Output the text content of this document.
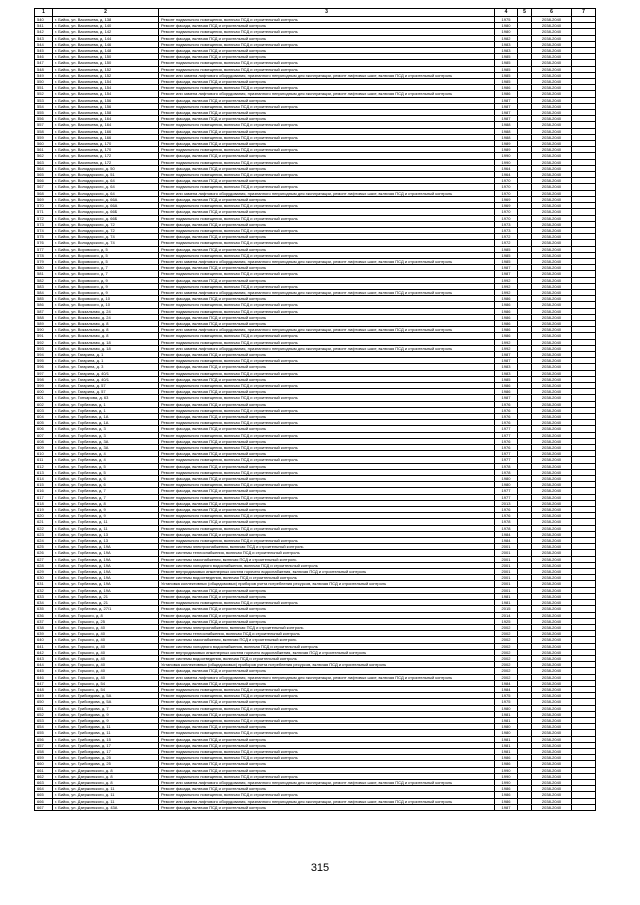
1	2	3	4	5	6	7
540	г. Бийск, ул. Васильева, д. 138	Ремонт подвального помещения, включая ПСД и строительный контроль	1975		2038-2040	
541	г. Бийск, ул. Васильева, д. 140	Ремонт фасада, включая ПСД и строительный контроль	1980		2038-2040	
542	г. Бийск, ул. Васильева, д. 142	Ремонт подвального помещения, включая ПСД и строительный контроль	1980		2038-2040	
543	г. Бийск, ул. Васильева, д. 144	Ремонт фасада, включая ПСД и строительный контроль	1982		2038-2040	
544	г. Бийск, ул. Васильева, д. 146	Ремонт подвального помещения, включая ПСД и строительный контроль	1983		2038-2040	
545	г. Бийск, ул. Васильева, д. 148	Ремонт фасада, включая ПСД и строительный контроль	1983		2038-2040	
546	г. Бийск, ул. Васильева, д. 150	Ремонт фасада, включая ПСД и строительный контроль	1985		2038-2040	
547	г. Бийск, ул. Васильева, д. 150	Ремонт подвального помещения, включая ПСД и строительный контроль	1985		2038-2040	
548	г. Бийск, ул. Васильева, д. 152	Ремонт подвального помещения, включая ПСД и строительный контроль	1985		2038-2040	
549	г. Бийск, ул. Васильева, д. 152	Ремонт или замена лифтового оборудования, признанного непригодным для эксплуатации, ремонт лифтовых шахт, включая ПСД и строительный контроль	1985		2038-2040	
550	г. Бийск, ул. Васильева, д. 154	Ремонт фасада, включая ПСД и строительный контроль	1985		2038-2040	
551	г. Бийск, ул. Васильева, д. 154	Ремонт подвального помещения, включая ПСД и строительный контроль	1986		2038-2040	
552	г. Бийск, ул. Васильева, д. 154	Ремонт или замена лифтового оборудования, признанного непригодным для эксплуатации, ремонт лифтовых шахт, включая ПСД и строительный контроль	1986		2038-2040	
553	г. Бийск, ул. Васильева, д. 156	Ремонт фасада, включая ПСД и строительный контроль	1987		2038-2040	
554	г. Бийск, ул. Васильева, д. 156	Ремонт подвального помещения, включая ПСД и строительный контроль	1987		2038-2040	
555	г. Бийск, ул. Васильева, д. 158	Ремонт фасада, включая ПСД и строительный контроль	1987		2038-2040	
556	г. Бийск, ул. Васильева, д. 164	Ремонт фасада, включая ПСД и строительный контроль	1987		2038-2040	
557	г. Бийск, ул. Васильева, д. 164	Ремонт подвального помещения, включая ПСД и строительный контроль	1988		2038-2040	
558	г. Бийск, ул. Васильева, д. 166	Ремонт фасада, включая ПСД и строительный контроль	1988		2038-2040	
559	г. Бийск, ул. Васильева, д. 166	Ремонт подвального помещения, включая ПСД и строительный контроль	1988		2038-2040	
560	г. Бийск, ул. Васильева, д. 170	Ремонт фасада, включая ПСД и строительный контроль	1989		2038-2040	
561	г. Бийск, ул. Васильева, д. 170	Ремонт подвального помещения, включая ПСД и строительный контроль	1989		2038-2040	
562	г. Бийск, ул. Васильева, д. 172	Ремонт фасада, включая ПСД и строительный контроль	1990		2038-2040	
563	г. Бийск, ул. Васильева, д. 172	Ремонт подвального помещения, включая ПСД и строительный контроль	1990		2038-2040	
564	г. Бийск, ул. Володарского, д. 50	Ремонт фасада, включая ПСД и строительный контроль	1964		2038-2040	
565	г. Бийск, ул. Володарского, д. 51	Ремонт подвального помещения, включая ПСД и строительный контроль	1964		2038-2040	
566	г. Бийск, ул. Володарского, д. 64	Ремонт фасада, включая ПСД и строительный контроль	1970		2038-2040	
567	г. Бийск, ул. Володарского, д. 64	Ремонт подвального помещения, включая ПСД и строительный контроль	1970		2038-2040	
568	г. Бийск, ул. Володарского, д. 64	Ремонт или замена лифтового оборудования, признанного непригодным для эксплуатации, ремонт лифтовых шахт, включая ПСД и строительный контроль	1970		2038-2040	
569	г. Бийск, ул. Володарского, д. 66А	Ремонт фасада, включая ПСД и строительный контроль	1969		2038-2040	
570	г. Бийск, ул. Володарского, д. 66А	Ремонт подвального помещения, включая ПСД и строительный контроль	1969		2038-2040	
571	г. Бийск, ул. Володарского, д. 66Б	Ремонт фасада, включая ПСД и строительный контроль	1970		2038-2040	
572	г. Бийск, ул. Володарского, д. 66Б	Ремонт подвального помещения, включая ПСД и строительный контроль	1970		2038-2040	
573	г. Бийск, ул. Володарского, д. 72	Ремонт фасада, включая ПСД и строительный контроль	1973		2038-2040	
574	г. Бийск, ул. Володарского, д. 72	Ремонт подвального помещения, включая ПСД и строительный контроль	1973		2038-2040	
575	г. Бийск, ул. Володарского, д. 74	Ремонт фасада, включая ПСД и строительный контроль	1972		2038-2040	
576	г. Бийск, ул. Володарского, д. 74	Ремонт подвального помещения, включая ПСД и строительный контроль	1972		2038-2040	
577	г. Бийск, ул. Воровского, д. 5	Ремонт фасада, включая ПСД и строительный контроль	1985		2038-2040	
578	г. Бийск, ул. Воровского, д. 5	Ремонт подвального помещения, включая ПСД и строительный контроль	1985		2038-2040	
579	г. Бийск, ул. Воровского, д. 5	Ремонт или замена лифтового оборудования, признанного непригодным для эксплуатации, ремонт лифтовых шахт, включая ПСД и строительный контроль	1985		2038-2040	
580	г. Бийск, ул. Воровского, д. 7	Ремонт фасада, включая ПСД и строительный контроль	1987		2038-2040	
581	г. Бийск, ул. Воровского, д. 7	Ремонт подвального помещения, включая ПСД и строительный контроль	1987		2038-2040	
582	г. Бийск, ул. Воровского, д. 9	Ремонт фасада, включая ПСД и строительный контроль	1992		2038-2040	
583	г. Бийск, ул. Воровского, д. 9	Ремонт подвального помещения, включая ПСД и строительный контроль	1992		2038-2040	
584	г. Бийск, ул. Воровского, д. 9	Ремонт или замена лифтового оборудования, признанного непригодным для эксплуатации, ремонт лифтовых шахт, включая ПСД и строительный контроль	1992		2038-2040	
585	г. Бийск, ул. Воровского, д. 10	Ремонт фасада, включая ПСД и строительный контроль	1986		2038-2040	
586	г. Бийск, ул. Воровского, д. 10	Ремонт подвального помещения, включая ПСД и строительный контроль	1986		2038-2040	
587	г. Бийск, ул. Вокзальная, д. 24	Ремонт подвального помещения, включая ПСД и строительный контроль	1986		2038-2040	
588	г. Бийск, ул. Вокзальная, д. 24	Ремонт фасада, включая ПСД и строительный контроль	1986		2038-2040	
589	г. Бийск, ул. Вокзальная, д. 8	Ремонт фасада, включая ПСД и строительный контроль	1986		2038-2040	
590	г. Бийск, ул. Вокзальная, д. 8	Ремонт или замена лифтового оборудования, признанного непригодным для эксплуатации, ремонт лифтовых шахт, включая ПСД и строительный контроль	1986		2038-2040	
591	г. Бийск, ул. Вокзальная, д. 8	Ремонт подвального помещения, включая ПСД и строительный контроль	1986		2038-2040	
592	г. Бийск, ул. Вокзальная, д. 18	Ремонт подвального помещения, включая ПСД и строительный контроль	1992		2038-2040	
593	г. Бийск, ул. Вокзальная, д. 18	Ремонт или замена лифтового оборудования, признанного непригодным для эксплуатации, ремонт лифтовых шахт, включая ПСД и строительный контроль	1992		2038-2040	
594	г. Бийск, ул. Гагарина, д. 1	Ремонт фасада, включая ПСД и строительный контроль	1987		2038-2040	
595	г. Бийск, ул. Гагарина, д. 1	Ремонт подвального помещения, включая ПСД и строительный контроль	1987		2038-2040	
596	г. Бийск, ул. Гагарина, д. 3	Ремонт фасада, включая ПСД и строительный контроль	1983		2038-2040	
597	г. Бийск, ул. Гагарина, д. 40/1	Ремонт подвального помещения, включая ПСД и строительный контроль	1983		2038-2040	
598	г. Бийск, ул. Гагарина, д. 40/1	Ремонт фасада, включая ПСД и строительный контроль	1985		2038-2040	
599	г. Бийск, ул. Гагарина, д. 57	Ремонт подвального помещения, включая ПСД и строительный контроль	1986		2038-2040	
600	г. Бийск, ул. Гагарина, д. 57	Ремонт фасада, включая ПСД и строительный контроль	1986		2038-2040	
601	г. Бийск, ул. Гончарова, д. 63	Ремонт подвального помещения, включая ПСД и строительный контроль	1987		2038-2040	
602	г. Бийск, ул. Горбатова, д. 1	Ремонт фасада, включая ПСД и строительный контроль	1976		2038-2040	
603	г. Бийск, ул. Горбатова, д. 1	Ремонт подвального помещения, включая ПСД и строительный контроль	1976		2038-2040	
604	г. Бийск, ул. Горбатова, д. 1А	Ремонт фасада, включая ПСД и строительный контроль	1976		2038-2040	
605	г. Бийск, ул. Горбатова, д. 1А	Ремонт подвального помещения, включая ПСД и строительный контроль	1976		2038-2040	
606	г. Бийск, ул. Горбатова, д. 3	Ремонт фасада, включая ПСД и строительный контроль	1977		2038-2040	
607	г. Бийск, ул. Горбатова, д. 3	Ремонт подвального помещения, включая ПСД и строительный контроль	1977		2038-2040	
608	г. Бийск, ул. Горбатова, д. 3А	Ремонт фасада, включая ПСД и строительный контроль	1976		2038-2040	
609	г. Бийск, ул. Горбатова, д. 3А	Ремонт подвального помещения, включая ПСД и строительный контроль	1976		2038-2040	
610	г. Бийск, ул. Горбатова, д. 4	Ремонт фасада, включая ПСД и строительный контроль	1977		2038-2040	
611	г. Бийск, ул. Горбатова, д. 4	Ремонт подвального помещения, включая ПСД и строительный контроль	1977		2038-2040	
612	г. Бийск, ул. Горбатова, д. 5	Ремонт фасада, включая ПСД и строительный контроль	1978		2038-2040	
613	г. Бийск, ул. Горбатова, д. 5	Ремонт подвального помещения, включая ПСД и строительный контроль	1978		2038-2040	
614	г. Бийск, ул. Горбатова, д. 6	Ремонт фасада, включая ПСД и строительный контроль	1980		2038-2040	
615	г. Бийск, ул. Горбатова, д. 6	Ремонт подвального помещения, включая ПСД и строительный контроль	1980		2038-2040	
616	г. Бийск, ул. Горбатова, д. 7	Ремонт фасада, включая ПСД и строительный контроль	1977		2038-2040	
617	г. Бийск, ул. Горбатова, д. 7	Ремонт подвального помещения, включая ПСД и строительный контроль	1977		2038-2040	
618	г. Бийск, ул. Горбатова, д. 8	Ремонт фасада, включая ПСД и строительный контроль	2013		2038-2040	
619	г. Бийск, ул. Горбатова, д. 9	Ремонт фасада, включая ПСД и строительный контроль	1976		2038-2040	
620	г. Бийск, ул. Горбатова, д. 9	Ремонт подвального помещения, включая ПСД и строительный контроль	1976		2038-2040	
621	г. Бийск, ул. Горбатова, д. 11	Ремонт фасада, включая ПСД и строительный контроль	1978		2038-2040	
622	г. Бийск, ул. Горбатова, д. 11	Ремонт подвального помещения, включая ПСД и строительный контроль	1978		2038-2040	
623	г. Бийск, ул. Горбатова, д. 13	Ремонт фасада, включая ПСД и строительный контроль	1984		2038-2040	
624	г. Бийск, ул. Горбатова, д. 13	Ремонт подвального помещения, включая ПСД и строительный контроль	1984		2038-2040	
625	г. Бийск, ул. Горбатова, д. 19А	Ремонт системы электроснабжения, включая ПСД и строительный контроль	2001		2038-2040	
626	г. Бийск, ул. Горбатова, д. 19А	Ремонт системы теплоснабжения, включая ПСД и строительный контроль	2001		2038-2040	
627	г. Бийск, ул. Горбатова, д. 19А	Ремонт системы газоснабжения, включая ПСД и строительный контроль	2001		2038-2040	
628	г. Бийск, ул. Горбатова, д. 19А	Ремонт системы холодного водоснабжения, включая ПСД и строительный контроль	2001		2038-2040	
629	г. Бийск, ул. Горбатова, д. 19А	Ремонт внутридомовых инженерных систем горячего водоснабжения, включая ПСД и строительный контроль	2001		2038-2040	
630	г. Бийск, ул. Горбатова, д. 19А	Ремонт системы водоотведения, включая ПСД и строительный контроль	2001		2038-2040	
631	г. Бийск, ул. Горбатова, д. 19А	Установка коллективных (общедомовых) приборов учета потребления ресурсов, включая ПСД и строительный контроль	2001		2038-2040	
632	г. Бийск, ул. Горбатова, д. 19А	Ремонт фасада, включая ПСД и строительный контроль	2001		2038-2040	
633	г. Бийск, ул. Горбатова, д. 21	Ремонт фасада, включая ПСД и строительный контроль	1981		2038-2040	
634	г. Бийск, ул. Горбатова, д. 21	Ремонт подвального помещения, включая ПСД и строительный контроль	1981		2038-2040	
635	г. Бийск, ул. Горбатова, д. 27/1	Ремонт фасада, включая ПСД и строительный контроль	2015		2038-2040	
636	г. Бийск, ул. Горького, д. 8	Ремонт фасада, включая ПСД и строительный контроль	2014		2038-2040	
637	г. Бийск, ул. Горького, д. 25	Ремонт фасада, включая ПСД и строительный контроль	1925		2038-2040	
638	г. Бийск, ул. Горького, д. 40	Ремонт системы электроснабжения, включая ПСД и строительный контроль	2002		2038-2040	
639	г. Бийск, ул. Горького, д. 40	Ремонт системы теплоснабжения, включая ПСД и строительный контроль	2002		2038-2040	
640	г. Бийск, ул. Горького, д. 40	Ремонт системы газоснабжения, включая ПСД и строительный контроль	2002		2038-2040	
641	г. Бийск, ул. Горького, д. 40	Ремонт системы холодного водоснабжения, включая ПСД и строительный контроль	2002		2038-2040	
642	г. Бийск, ул. Горького, д. 40	Ремонт внутридомовых инженерных систем горячего водоснабжения, включая ПСД и строительный контроль	2002		2038-2040	
643	г. Бийск, ул. Горького, д. 40	Ремонт системы водоотведения, включая ПСД и строительный контроль	2002		2038-2040	
644	г. Бийск, ул. Горького, д. 40	Установка коллективных (общедомовых) приборов учета потребления ресурсов, включая ПСД и строительный контроль	2002		2038-2040	
645	г. Бийск, ул. Горького, д. 40	Ремонт фасада, включая ПСД и строительный контроль	2002		2038-2040	
646	г. Бийск, ул. Горького, д. 40	Ремонт или замена лифтового оборудования, признанного непригодным для эксплуатации, ремонт лифтовых шахт, включая ПСД и строительный контроль	2002		2038-2040	
647	г. Бийск, ул. Горького, д. 54	Ремонт фасада, включая ПСД и строительный контроль	1984		2038-2040	
648	г. Бийск, ул. Горького, д. 54	Ремонт подвального помещения, включая ПСД и строительный контроль	1984		2038-2040	
649	г. Бийск, ул. Грибоедова, д. 5А	Ремонт подвального помещения, включая ПСД и строительный контроль	1975		2038-2040	
650	г. Бийск, ул. Грибоедова, д. 5А	Ремонт фасада, включая ПСД и строительный контроль	1975		2038-2040	
651	г. Бийск, ул. Грибоедова, д. 7	Ремонт подвального помещения, включая ПСД и строительный контроль	1980		2038-2040	
652	г. Бийск, ул. Грибоедова, д. 9	Ремонт фасада, включая ПСД и строительный контроль	1981		2038-2040	
653	г. Бийск, ул. Грибоедова, д. 9	Ремонт подвального помещения, включая ПСД и строительный контроль	1981		2038-2040	
654	г. Бийск, ул. Грибоедова, д. 11	Ремонт фасада, включая ПСД и строительный контроль	1980		2038-2040	
655	г. Бийск, ул. Грибоедова, д. 11	Ремонт подвального помещения, включая ПСД и строительный контроль	1980		2038-2040	
656	г. Бийск, ул. Грибоедова, д. 15	Ремонт фасада, включая ПСД и строительный контроль	1981		2038-2040	
657	г. Бийск, ул. Грибоедова, д. 17	Ремонт фасада, включая ПСД и строительный контроль	1981		2038-2040	
658	г. Бийск, ул. Грибоедова, д. 17	Ремонт подвального помещения, включая ПСД и строительный контроль	1981		2038-2040	
659	г. Бийск, ул. Грибоедова, д. 25	Ремонт подвального помещения, включая ПСД и строительный контроль	1986		2038-2040	
660	г. Бийск, ул. Грибоедова, д. 25	Ремонт фасада, включая ПСД и строительный контроль	1986		2038-2040	
661	г. Бийск, ул. Дзержинского, д. 8	Ремонт фасада, включая ПСД и строительный контроль	1990		2038-2040	
662	г. Бийск, ул. Дзержинского, д. 8	Ремонт подвального помещения, включая ПСД и строительный контроль	1990		2038-2040	
663	г. Бийск, ул. Дзержинского, д. 8	Ремонт или замена лифтового оборудования, признанного непригодным для эксплуатации, ремонт лифтовых шахт, включая ПСД и строительный контроль	1990		2038-2040	
664	г. Бийск, ул. Дзержинского, д. 11	Ремонт фасада, включая ПСД и строительный контроль	1986		2038-2040	
665	г. Бийск, ул. Дзержинского, д. 11	Ремонт подвального помещения, включая ПСД и строительный контроль	1986		2038-2040	
666	г. Бийск, ул. Дзержинского, д. 11	Ремонт или замена лифтового оборудования, признанного непригодным для эксплуатации, ремонт лифтовых шахт, включая ПСД и строительный контроль	1986		2038-2040	
667	г. Бийск, ул. Дзержинского, д. 43А	Ремонт фасада, включая ПСД и строительный контроль	1987		2038-2040	
315
